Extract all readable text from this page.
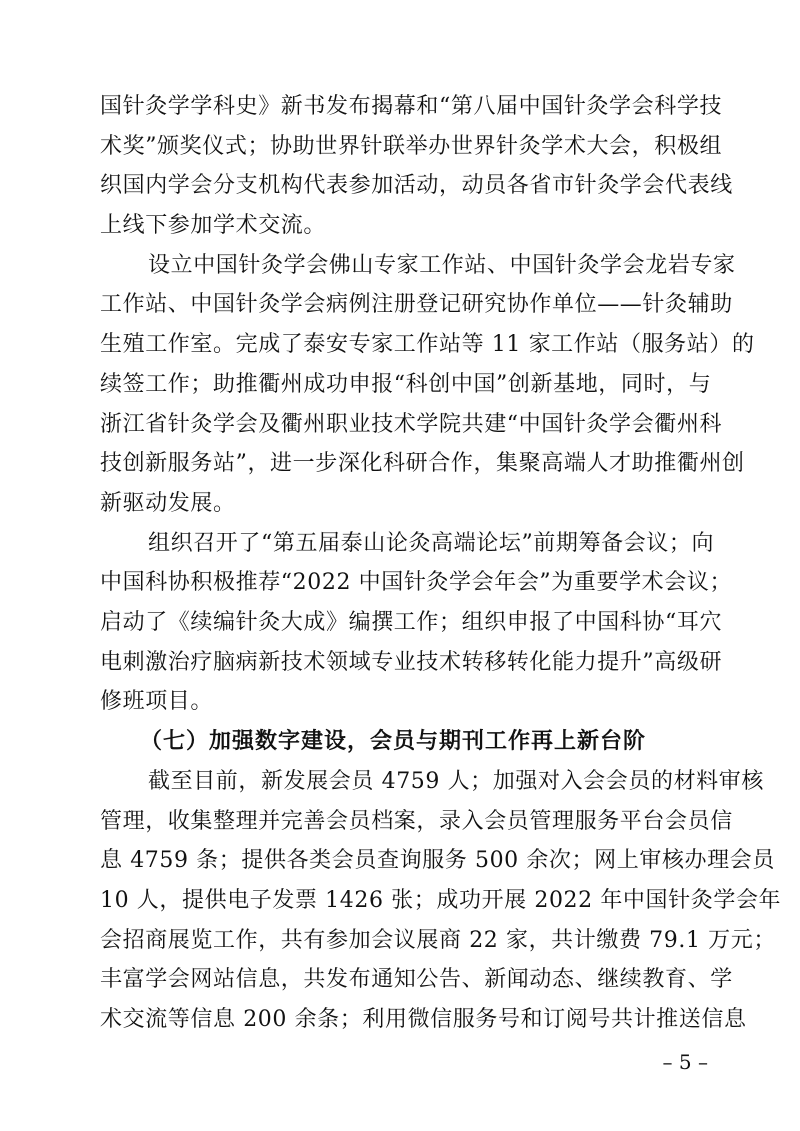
国针灸学学科史》新书发布揭幕和“第八届中国针灸学会科学技
术奖”颁奖仪式；协助世界针联举办世界针灸学术大会，积极组
织国内学会分支机构代表参加活动，动员各省市针灸学会代表线
上线下参加学术交流。
设立中国针灸学会佛山专家工作站、中国针灸学会龙岩专家
工作站、中国针灸学会病例注册登记研究协作单位——针灸辅助
生殖工作室。完成了泰安专家工作站等 11 家工作站（服务站）的
续签工作；助推衢州成功申报“科创中国”创新基地，同时，与
浙江省针灸学会及衢州职业技术学院共建“中国针灸学会衢州科
技创新服务站”，进一步深化科研合作，集聚高端人才助推衢州创
新驱动发展。
组织召开了“第五届泰山论灸高端论坛”前期筹备会议；向
中国科协积极推荐“2022 中国针灸学会年会”为重要学术会议；
启动了《续编针灸大成》编撰工作；组织申报了中国科协“耳穴
电刺激治疗脑病新技术领域专业技术转移转化能力提升”高级研
修班项目。
（七）加强数字建设，会员与期刊工作再上新台阶
截至目前，新发展会员 4759 人；加强对入会会员的材料审核
管理，收集整理并完善会员档案，录入会员管理服务平台会员信
息 4759 条；提供各类会员查询服务 500 余次；网上审核办理会员
10 人，提供电子发票 1426 张；成功开展 2022 年中国针灸学会年
会招商展览工作，共有参加会议展商 22 家，共计缴费 79.1 万元；
丰富学会网站信息，共发布通知公告、新闻动态、继续教育、学
术交流等信息 200 余条；利用微信服务号和订阅号共计推送信息
– 5 –
